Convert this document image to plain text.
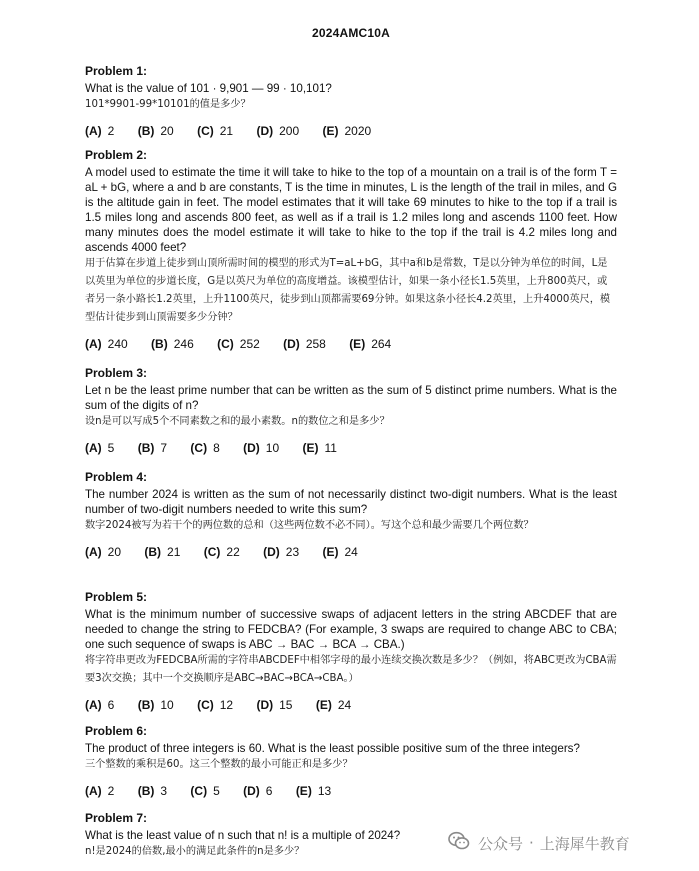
2024AMC10A
Problem 1:

What is the value of 101 · 9,901 — 99 · 10,101?

101*9901-99*10101的值是多少？

(A) 2 (B) 20 (C) 21 (D) 200 (E) 2020
Problem 2:

A model used to estimate the time it will take to hike to the top of a mountain on a trail is of the form T = aL + bG, where a and b are constants, T is the time in minutes, L is the length of the trail in miles, and G is the altitude gain in feet. The model estimates that it will take 69 minutes to hike to the top if a trail is 1.5 miles long and ascends 800 feet, as well as if a trail is 1.2 miles long and ascends 1100 feet. How many minutes does the model estimate it will take to hike to the top if the trail is 4.2 miles long and ascends 4000 feet?

用于估算在步道上徒步到山顶所需时间的模型的形式为T=aL+bG，其中a和b是常数，T是以分钟为单位的时间，L是以英里为单位的步道长度，G是以英尺为单位的高度增益。该模型估计，如果一条小径长1.5英里，上升800英尺，或者另一条小路长1.2英里，上升1100英尺，徒步到山顶都需要69分钟。如果这条小径长4.2英里，上升4000英尺，模型估计徒步到山顶需要多少分钟？

(A) 240 (B) 246 (C) 252 (D) 258 (E) 264
Problem 3:

Let n be the least prime number that can be written as the sum of 5 distinct prime numbers. What is the sum of the digits of n?

设n是可以写成5个不同素数之和的最小素数。n的数位之和是多少？

(A) 5 (B) 7 (C) 8 (D) 10 (E) 11
Problem 4:

The number 2024 is written as the sum of not necessarily distinct two-digit numbers. What is the least number of two-digit numbers needed to write this sum?

数字2024被写为若干个的两位数的总和（这些两位数不必不同）。写这个总和最少需要几个两位数？

(A) 20 (B) 21 (C) 22 (D) 23 (E) 24
Problem 5:

What is the minimum number of successive swaps of adjacent letters in the string ABCDEF that are needed to change the string to FEDCBA? (For example, 3 swaps are required to change ABC to CBA; one such sequence of swaps is ABC → BAC → BCA → CBA.)

将字符串更改为FEDCBA所需的字符串ABCDEF中相邻字母的最小连续交换次数是多少？（例如，将ABC更改为CBA需要3次交换；其中一个交换顺序是ABC→BAC→BCA→CBA。）

(A) 6 (B) 10 (C) 12 (D) 15 (E) 24
Problem 6:

The product of three integers is 60. What is the least possible positive sum of the three integers?

三个整数的乘积是60。这三个整数的最小可能正和是多少？

(A) 2 (B) 3 (C) 5 (D) 6 (E) 13
Problem 7:

What is the least value of n such that n! is a multiple of 2024?

n!是2024的倍数,最小的满足此条件的n是多少？	公众号 · 上海犀牛教育
